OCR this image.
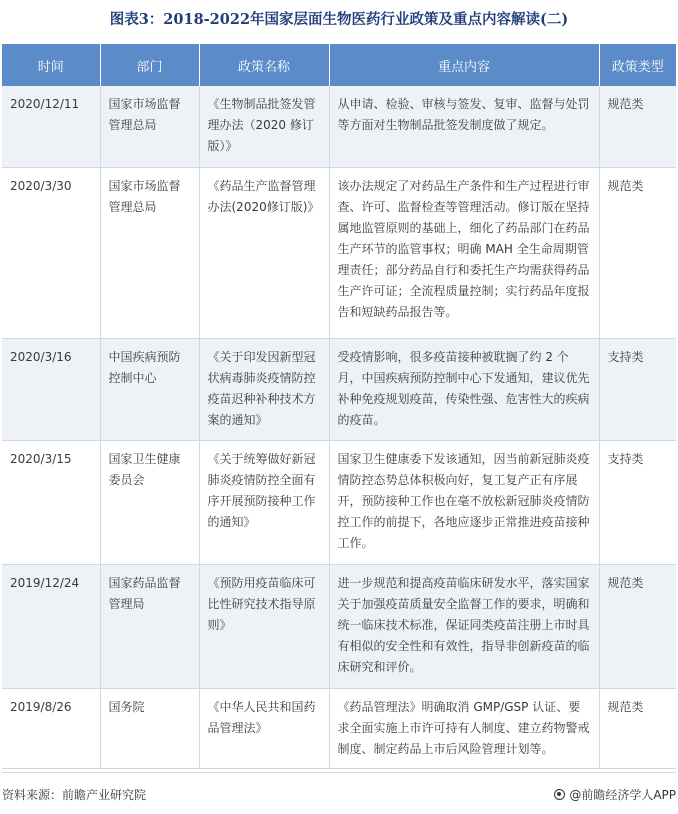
图表3：2018-2022年国家层面生物医药行业政策及重点内容解读(二)
时间	部门	政策名称	重点内容	政策类型
2020/12/11	国家市场监督管理总局	《生物制品批签发管理办法（2020 修订版）》	从申请、检验、审核与签发、复审、监督与处罚等方面对生物制品批签发制度做了规定。	规范类
2020/3/30	国家市场监督管理总局	《药品生产监督管理办法(2020修订版)》	该办法规定了对药品生产条件和生产过程进行审查、许可、监督检查等管理活动。修订版在坚持属地监管原则的基础上，细化了药品部门在药品生产环节的监管事权；明确 MAH 全生命周期管理责任；部分药品自行和委托生产均需获得药品生产许可证；全流程质量控制；实行药品年度报告和短缺药品报告等。	规范类
2020/3/16	中国疾病预防控制中心	《关于印发因新型冠状病毒肺炎疫情防控疫苗迟种补种技术方案的通知》	受疫情影响，很多疫苗接种被耽搁了约 2 个月，中国疾病预防控制中心下发通知，建议优先补种免疫规划疫苗，传染性强、危害性大的疾病的疫苗。	支持类
2020/3/15	国家卫生健康委员会	《关于统筹做好新冠肺炎疫情防控全面有序开展预防接种工作的通知》	国家卫生健康委下发该通知，因当前新冠肺炎疫情防控态势总体积极向好，复工复产正有序展开，预防接种工作也在毫不放松新冠肺炎疫情防控工作的前提下，各地应逐步正常推进疫苗接种工作。	支持类
2019/12/24	国家药品监督管理局	《预防用疫苗临床可比性研究技术指导原则》	进一步规范和提高疫苗临床研发水平，落实国家关于加强疫苗质量安全监督工作的要求，明确和统一临床技术标准，保证同类疫苗注册上市时具有相似的安全性和有效性，指导非创新疫苗的临床研究和评价。	规范类
2019/8/26	国务院	《中华人民共和国药品管理法》	《药品管理法》明确取消 GMP/GSP 认证、要求全面实施上市许可持有人制度、建立药物警戒制度、制定药品上市后风险管理计划等。	规范类
资料来源：前瞻产业研究院	@前瞻经济学人APP
